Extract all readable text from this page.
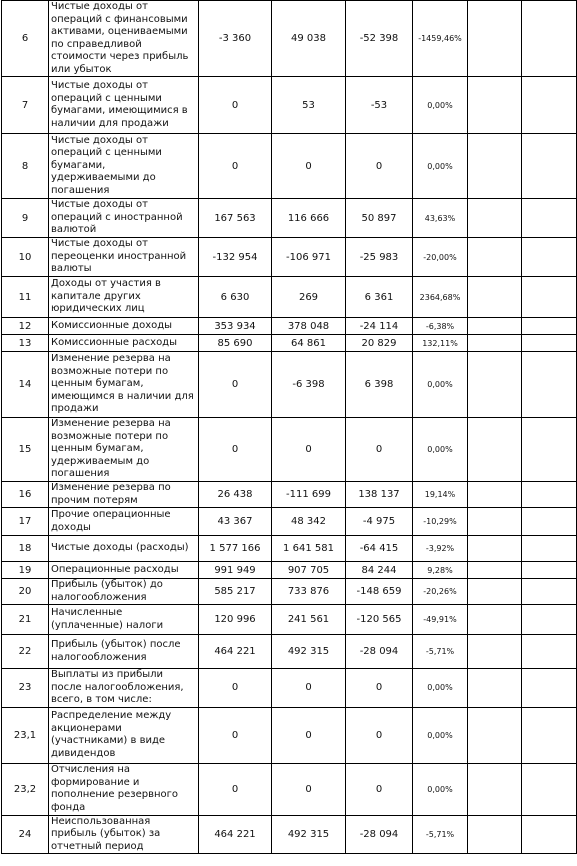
6	Чистые доходы от операций с финансовыми активами, оцениваемыми по справедливой стоимости через прибыль или убыток	-3 360	49 038	-52 398	-1459,46%		
7	Чистые доходы от операций с ценными бумагами, имеющимися в наличии для продажи	0	53	-53	0,00%		
8	Чистые доходы от операций с ценными бумагами, удерживаемыми до погашения	0	0	0	0,00%		
9	Чистые доходы от операций с иностранной валютой	167 563	116 666	50 897	43,63%		
10	Чистые доходы от переоценки иностранной валюты	-132 954	-106 971	-25 983	-20,00%		
11	Доходы от участия в капитале других юридических лиц	6 630	269	6 361	2364,68%		
12	Комиссионные доходы	353 934	378 048	-24 114	-6,38%		
13	Комиссионные расходы	85 690	64 861	20 829	132,11%		
14	Изменение резерва на возможные потери по ценным бумагам, имеющимся в наличии для продажи	0	-6 398	6 398	0,00%		
15	Изменение резерва на возможные потери по ценным бумагам, удерживаемым до погашения	0	0	0	0,00%		
16	Изменение резерва по прочим потерям	26 438	-111 699	138 137	19,14%		
17	Прочие операционные доходы	43 367	48 342	-4 975	-10,29%		
18	Чистые доходы (расходы)	1 577 166	1 641 581	-64 415	-3,92%		
19	Операционные расходы	991 949	907 705	84 244	9,28%		
20	Прибыль (убыток) до налогообложения	585 217	733 876	-148 659	-20,26%		
21	Начисленные (уплаченные) налоги	120 996	241 561	-120 565	-49,91%		
22	Прибыль (убыток) после налогообложения	464 221	492 315	-28 094	-5,71%		
23	Выплаты из прибыли после налогообложения, всего, в том числе:	0	0	0	0,00%		
23,1	Распределение между акционерами (участниками) в виде дивидендов	0	0	0	0,00%		
23,2	Отчисления на формирование и пополнение резервного фонда	0	0	0	0,00%		
24	Неиспользованная прибыль (убыток) за отчетный период	464 221	492 315	-28 094	-5,71%		
